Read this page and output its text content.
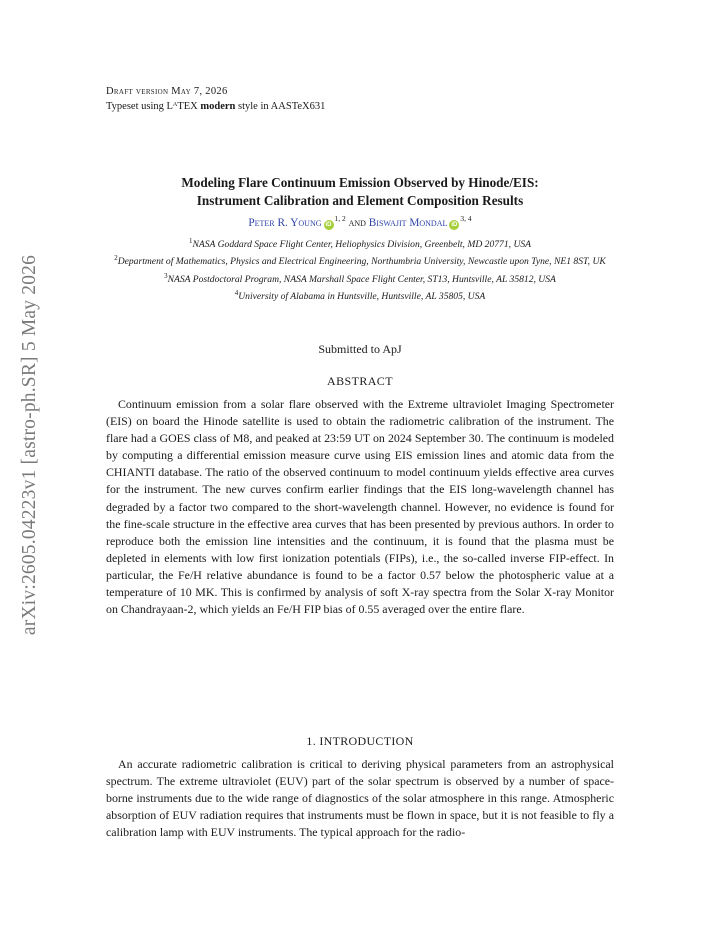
arXiv:2605.04223v1 [astro-ph.SR] 5 May 2026
Draft version May 7, 2026
Typeset using LᴬTEX modern style in AASTeX631
Modeling Flare Continuum Emission Observed by Hinode/EIS:
Instrument Calibration and Element Composition Results
Peter R. Young iD$^{1, 2}$ and Biswajit Mondal iD$^{3, 4}$
$^1$NASA Goddard Space Flight Center, Heliophysics Division, Greenbelt, MD 20771, USA
$^2$Department of Mathematics, Physics and Electrical Engineering, Northumbria University, Newcastle upon Tyne, NE1 8ST, UK
$^3$NASA Postdoctoral Program, NASA Marshall Space Flight Center, ST13, Huntsville, AL 35812, USA
$^4$University of Alabama in Huntsville, Huntsville, AL 35805, USA
Submitted to ApJ
ABSTRACT

Continuum emission from a solar flare observed with the Extreme ultraviolet Imaging Spectrometer (EIS) on board the Hinode satellite is used to obtain the radiometric calibration of the instrument. The flare had a GOES class of M8, and peaked at 23:59 UT on 2024 September 30. The continuum is modeled by computing a differential emission measure curve using EIS emission lines and atomic data from the CHIANTI database. The ratio of the observed continuum to model continuum yields effective area curves for the instrument. The new curves confirm earlier findings that the EIS long-wavelength channel has degraded by a factor two compared to the short-wavelength channel. However, no evidence is found for the fine-scale structure in the effective area curves that has been presented by previous authors. In order to reproduce both the emission line intensities and the continuum, it is found that the plasma must be depleted in elements with low first ionization potentials (FIPs), i.e., the so-called inverse FIP-effect. In particular, the Fe/H relative abundance is found to be a factor 0.57 below the photospheric value at a temperature of 10 MK. This is confirmed by analysis of soft X-ray spectra from the Solar X-ray Monitor on Chandrayaan-2, which yields an Fe/H FIP bias of 0.55 averaged over the entire flare.

1. INTRODUCTION

An accurate radiometric calibration is critical to deriving physical parameters from an astrophysical spectrum. The extreme ultraviolet (EUV) part of the solar spectrum is observed by a number of space-borne instruments due to the wide range of diagnostics of the solar atmosphere in this range. Atmospheric absorption of EUV radiation requires that instruments must be flown in space, but it is not feasible to fly a calibration lamp with EUV instruments. The typical approach for the radio-
